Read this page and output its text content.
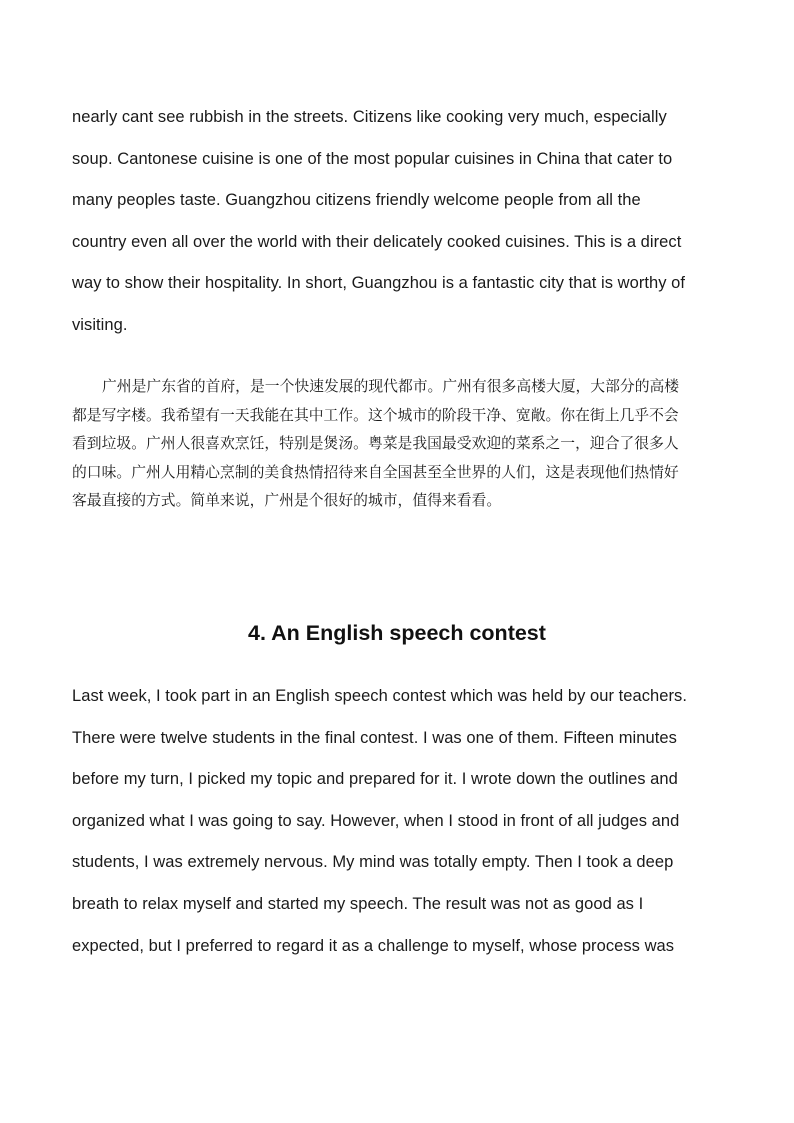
nearly cant see rubbish in the streets. Citizens like cooking very much, especially
soup. Cantonese cuisine is one of the most popular cuisines in China that cater to
many peoples taste. Guangzhou citizens friendly welcome people from all the
country even all over the world with their delicately cooked cuisines. This is a direct
way to show their hospitality. In short, Guangzhou is a fantastic city that is worthy of
visiting.

广州是广东省的首府，是一个快速发展的现代都市。广州有很多高楼大厦，大部分的高楼
都是写字楼。我希望有一天我能在其中工作。这个城市的阶段干净、宽敞。你在街上几乎不会
看到垃圾。广州人很喜欢烹饪，特别是煲汤。粤菜是我国最受欢迎的菜系之一，迎合了很多人
的口味。广州人用精心烹制的美食热情招待来自全国甚至全世界的人们，这是表现他们热情好
客最直接的方式。简单来说，广州是个很好的城市，值得来看看。

4. An English speech contest

Last week, I took part in an English speech contest which was held by our teachers.
There were twelve students in the final contest. I was one of them. Fifteen minutes
before my turn, I picked my topic and prepared for it. I wrote down the outlines and
organized what I was going to say. However, when I stood in front of all judges and
students, I was extremely nervous. My mind was totally empty. Then I took a deep
breath to relax myself and started my speech. The result was not as good as I
expected, but I preferred to regard it as a challenge to myself, whose process was
